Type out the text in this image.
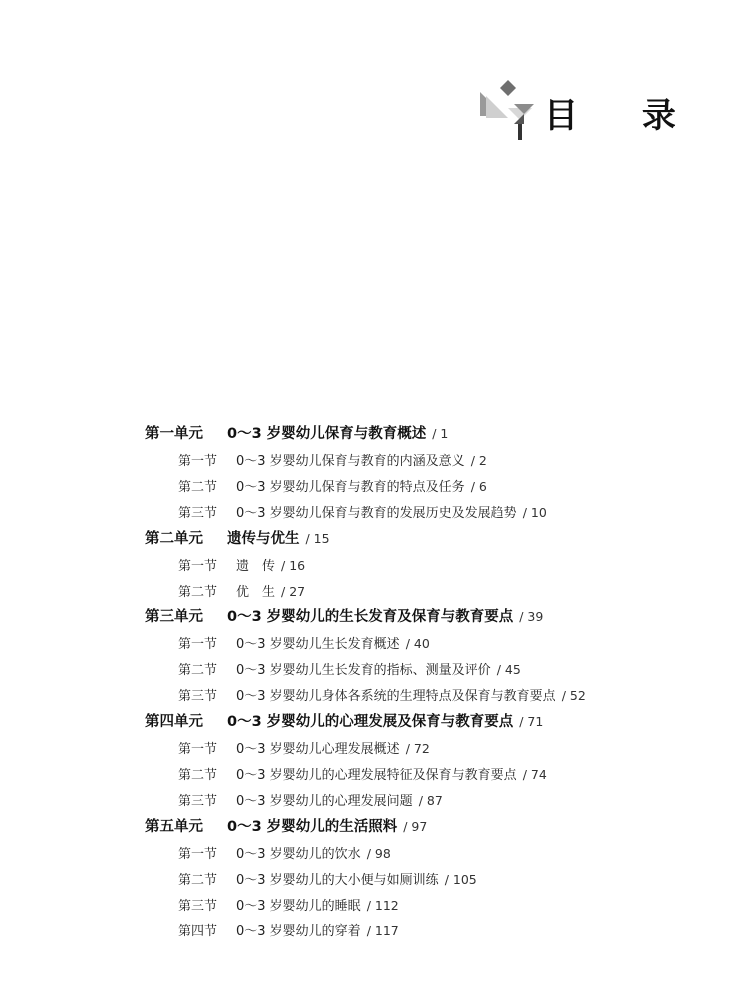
目 录
第一单元 0～3 岁婴幼儿保育与教育概述 / 1
第一节 0～3 岁婴幼儿保育与教育的内涵及意义 / 2
第二节 0～3 岁婴幼儿保育与教育的特点及任务 / 6
第三节 0～3 岁婴幼儿保育与教育的发展历史及发展趋势 / 10
第二单元 遗传与优生 / 15
第一节 遗　传 / 16
第二节 优　生 / 27
第三单元 0～3 岁婴幼儿的生长发育及保育与教育要点 / 39
第一节 0～3 岁婴幼儿生长发育概述 / 40
第二节 0～3 岁婴幼儿生长发育的指标、测量及评价 / 45
第三节 0～3 岁婴幼儿身体各系统的生理特点及保育与教育要点 / 52
第四单元 0～3 岁婴幼儿的心理发展及保育与教育要点 / 71
第一节 0～3 岁婴幼儿心理发展概述 / 72
第二节 0～3 岁婴幼儿的心理发展特征及保育与教育要点 / 74
第三节 0～3 岁婴幼儿的心理发展问题 / 87
第五单元 0～3 岁婴幼儿的生活照料 / 97
第一节 0～3 岁婴幼儿的饮水 / 98
第二节 0～3 岁婴幼儿的大小便与如厕训练 / 105
第三节 0～3 岁婴幼儿的睡眠 / 112
第四节 0～3 岁婴幼儿的穿着 / 117
